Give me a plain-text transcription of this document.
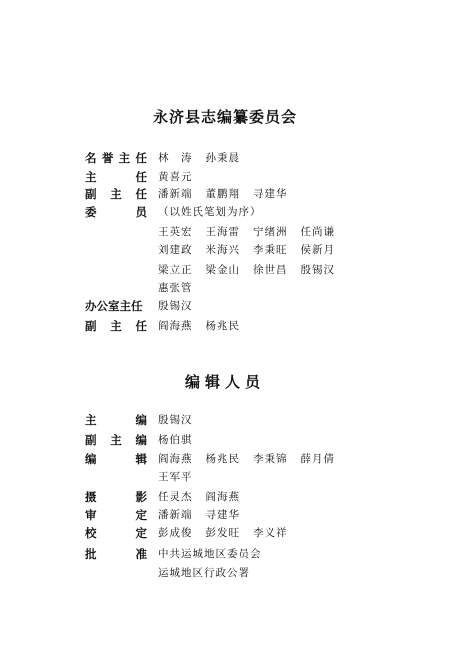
永济县志编纂委员会
名 誉 主 任 林　涛 孙秉晨
主	任 黄喜元
副 主 任 潘新端 董鹏翔 寻建华
委	员 （以姓氏笔划为序）
王英宏 王海雷 宁绪洲 任尚谦
刘建政 米海兴 李秉旺 侯新月
梁立正 梁金山 徐世昌 殷锡汉
惠张管
办公室主任	殷锡汉
副 主 任 阎海燕 杨兆民
编辑人员
主	编 殷锡汉
副 主 编 杨伯骐
编	辑 阎海燕 杨兆民 李秉锦 薛月倩
王军平
摄	影 任灵杰 阎海燕
审	定 潘新端 寻建华
校	定 彭成俊 彭发旺 李义祥
批	准 中共运城地区委员会
运城地区行政公署
